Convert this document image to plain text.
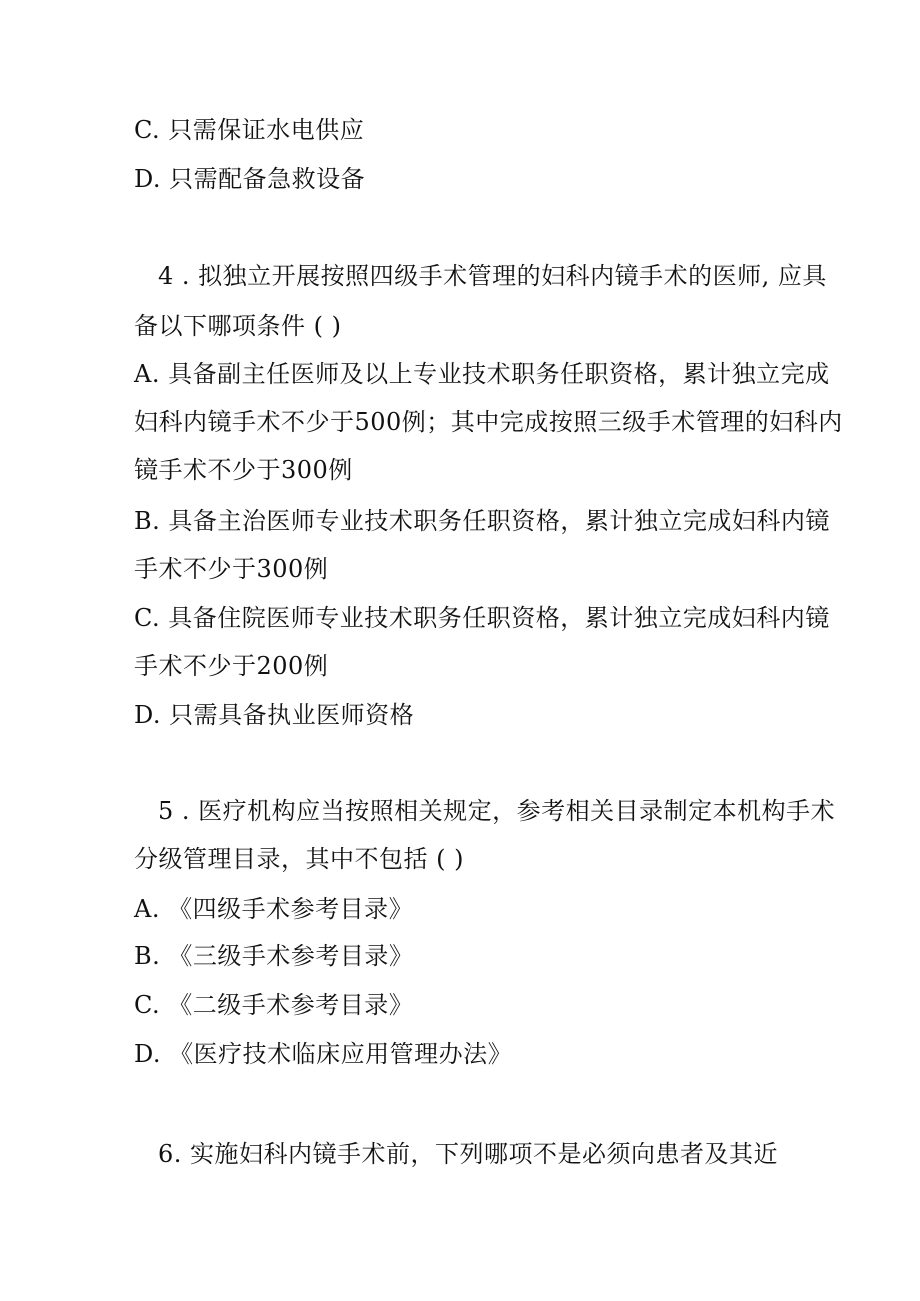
C. 只需保证水电供应

D. 只需配备急救设备

4 . 拟独立开展按照四级手术管理的妇科内镜手术的医师, 应具

备以下哪项条件 ( )

A. 具备副主任医师及以上专业技术职务任职资格，累计独立完成

妇科内镜手术不少于500例；其中完成按照三级手术管理的妇科内

镜手术不少于300例

B. 具备主治医师专业技术职务任职资格，累计独立完成妇科内镜

手术不少于300例

C. 具备住院医师专业技术职务任职资格，累计独立完成妇科内镜

手术不少于200例

D. 只需具备执业医师资格

5 . 医疗机构应当按照相关规定，参考相关目录制定本机构手术

分级管理目录，其中不包括 ( )

A. 《四级手术参考目录》

B. 《三级手术参考目录》

C. 《二级手术参考目录》

D. 《医疗技术临床应用管理办法》

6. 实施妇科内镜手术前，下列哪项不是必须向患者及其近
